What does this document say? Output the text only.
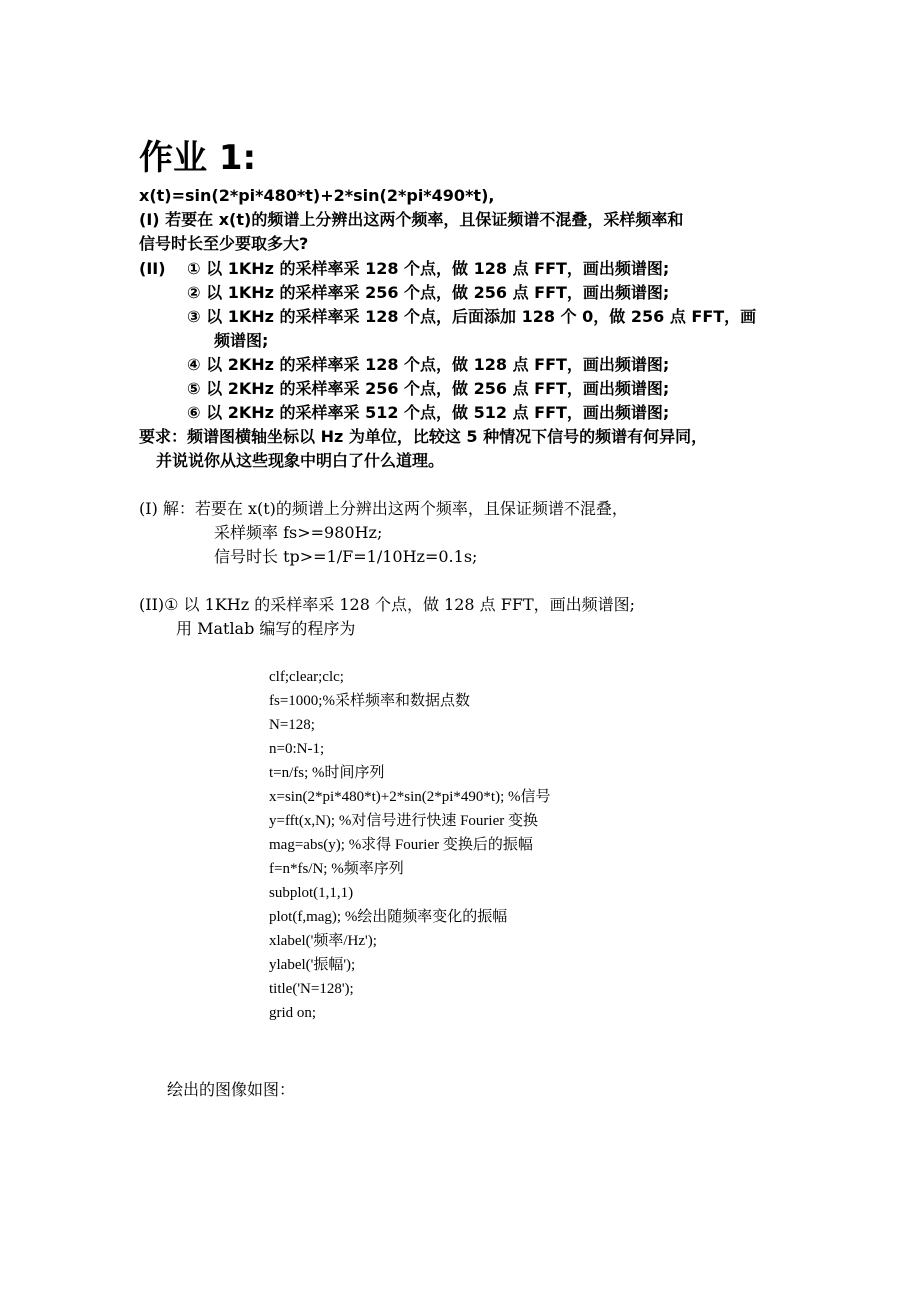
作业 1:
x(t)=sin(2*pi*480*t)+2*sin(2*pi*490*t),
(I) 若要在 x(t)的频谱上分辨出这两个频率，且保证频谱不混叠，采样频率和
信号时长至少要取多大?
(II) ① 以 1KHz 的采样率采 128 个点，做 128 点 FFT，画出频谱图;
② 以 1KHz 的采样率采 256 个点，做 256 点 FFT，画出频谱图;
③ 以 1KHz 的采样率采 128 个点，后面添加 128 个 0，做 256 点 FFT，画
频谱图;
④ 以 2KHz 的采样率采 128 个点，做 128 点 FFT，画出频谱图;
⑤ 以 2KHz 的采样率采 256 个点，做 256 点 FFT，画出频谱图;
⑥ 以 2KHz 的采样率采 512 个点，做 512 点 FFT，画出频谱图;
要求：频谱图横轴坐标以 Hz 为单位，比较这 5 种情况下信号的频谱有何异同，
并说说你从这些现象中明白了什么道理。
(I) 解：若要在 x(t)的频谱上分辨出这两个频率，且保证频谱不混叠，
采样频率 fs>=980Hz;
信号时长 tp>=1/F=1/10Hz=0.1s;
(II)① 以 1KHz 的采样率采 128 个点，做 128 点 FFT，画出频谱图;
用 Matlab 编写的程序为
clf;clear;clc;
fs=1000;%采样频率和数据点数
N=128;
n=0:N-1;
t=n/fs; %时间序列
x=sin(2*pi*480*t)+2*sin(2*pi*490*t); %信号
y=fft(x,N); %对信号进行快速 Fourier 变换
mag=abs(y); %求得 Fourier 变换后的振幅
f=n*fs/N; %频率序列
subplot(1,1,1)
plot(f,mag); %绘出随频率变化的振幅
xlabel('频率/Hz');
ylabel('振幅');
title('N=128');
grid on;
绘出的图像如图：
